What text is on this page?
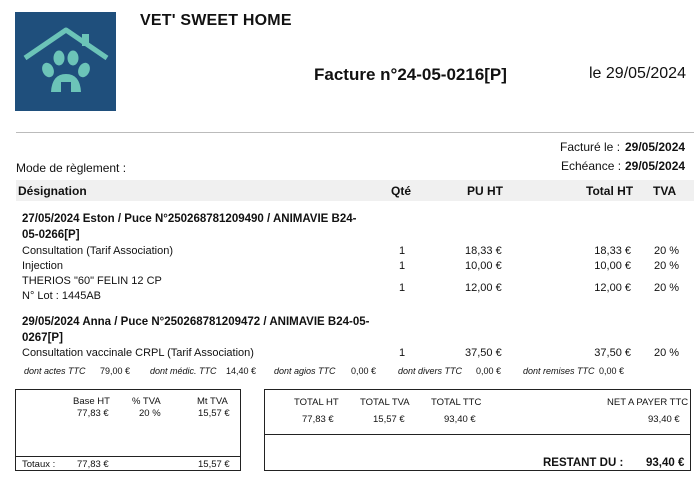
VET' SWEET HOME
Facture n°24-05-0216[P]	le 29/05/2024
Facturé le : 29/05/2024
Mode de règlement :	Echéance : 29/05/2024
Désignation	Qté	PU HT	Total HT TVA
27/05/2024 Eston / Puce N°250268781209490 / ANIMAVIE B24-05-0266[P]
Consultation (Tarif Association)	1	18,33 €	18,33 € 20 %
Injection	1	10,00 €	10,00 € 20 %
THERIOS "60" FELIN 12 CP
N° Lot : 1445AB
1	12,00 €	12,00 € 20 %
29/05/2024 Anna / Puce N°250268781209472 / ANIMAVIE B24-05-0267[P]
Consultation vaccinale CRPL (Tarif Association)	1	37,50 €	37,50 € 20 %
dont actes TTC 79,00 € dont médic. TTC 14,40 € dont agios TTC 0,00 € dont divers TTC 0,00 € dont remises TTC 0,00 €
Base HT % TVA	Mt TVA
77,83 €	20 %	15,57 €
Totaux : 77,83 €	15,57 €
TOTAL HT TOTAL TVA TOTAL TTC	NET A PAYER TTC
77,83 €	15,57 €	93,40 €	93,40 €
RESTANT DU : 93,40 €
